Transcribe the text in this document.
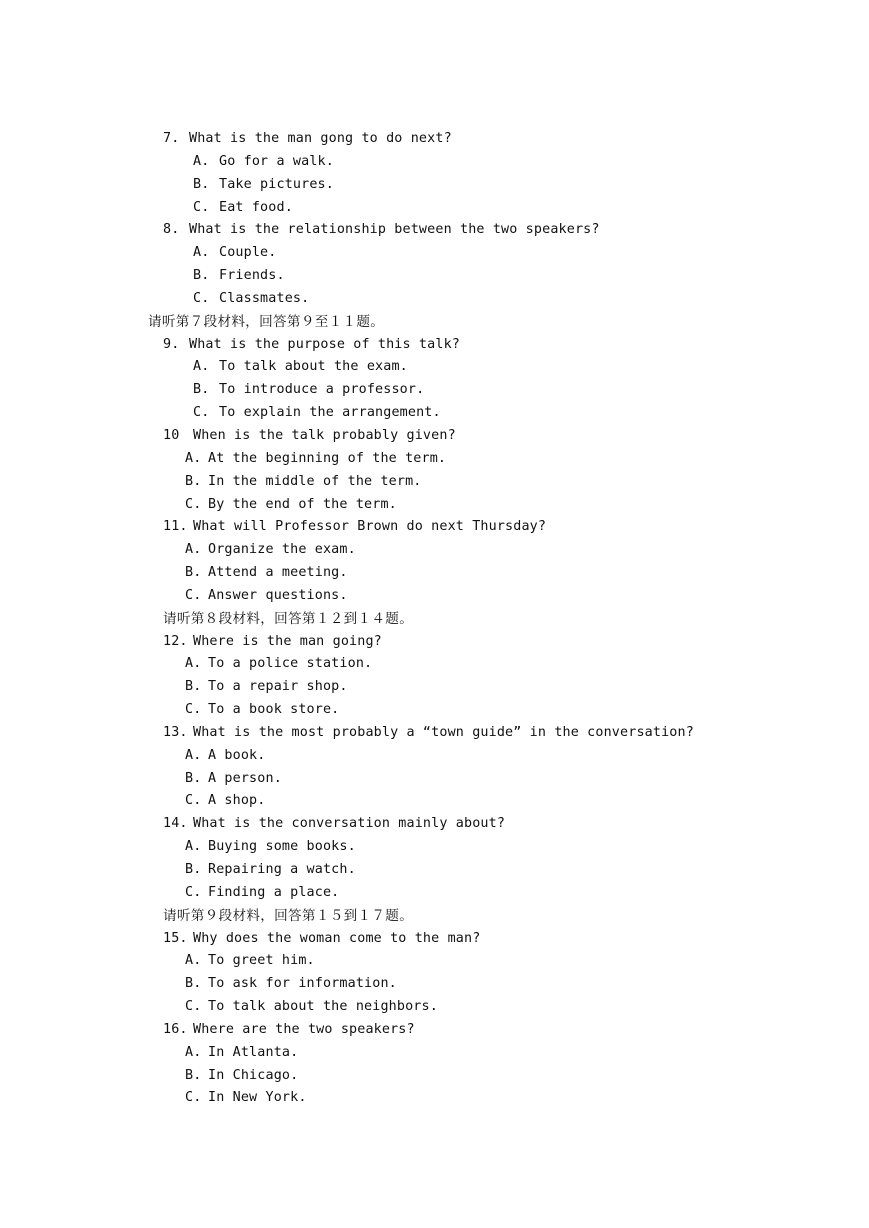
7. What is the man gong to do next?
A. Go for a walk.
B. Take pictures.
C. Eat food.
8. What is the relationship between the two speakers?
A. Couple.
B. Friends.
C. Classmates.
请听第７段材料，回答第９至１１题。
9. What is the purpose of this talk?
A. To talk about the exam.
B. To introduce a professor.
C. To explain the arrangement.
10 When is the talk probably given?
A. At the beginning of the term.
B. In the middle of the term.
C. By the end of the term.
11. What will Professor Brown do next Thursday?
A. Organize the exam.
B. Attend a meeting.
C. Answer questions.
请听第８段材料，回答第１２到１４题。
12. Where is the man going?
A. To a police station.
B. To a repair shop.
C. To a book store.
13. What is the most probably a “town guide” in the conversation?
A. A book.
B. A person.
C. A shop.
14. What is the conversation mainly about?
A. Buying some books.
B. Repairing a watch.
C. Finding a place.
请听第９段材料，回答第１５到１７题。
15. Why does the woman come to the man?
A. To greet him.
B. To ask for information.
C. To talk about the neighbors.
16. Where are the two speakers?
A. In Atlanta.
B. In Chicago.
C. In New York.
